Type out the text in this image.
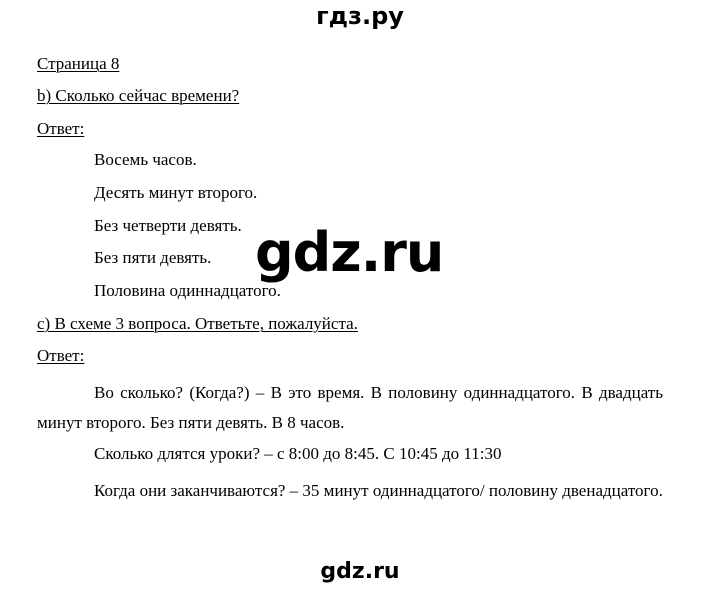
гдз.ру
Страница 8
b) Сколько сейчас времени?
Ответ:
Восемь часов.
Десять минут второго.
Без четверти девять.
Без пяти девять.
Половина одиннадцатого.
c) В схеме 3 вопроса. Ответьте, пожалуйста.
Ответ:
Во сколько? (Когда?) – В это время. В половину одиннадцатого. В двадцать минут второго. Без пяти девять. В 8 часов.
Сколько длятся уроки? – с 8:00 до 8:45. С 10:45 до 11:30
Когда они заканчиваются? – 35 минут одиннадцатого/ половину двенадцатого.
gdz.ru
gdz.ru
